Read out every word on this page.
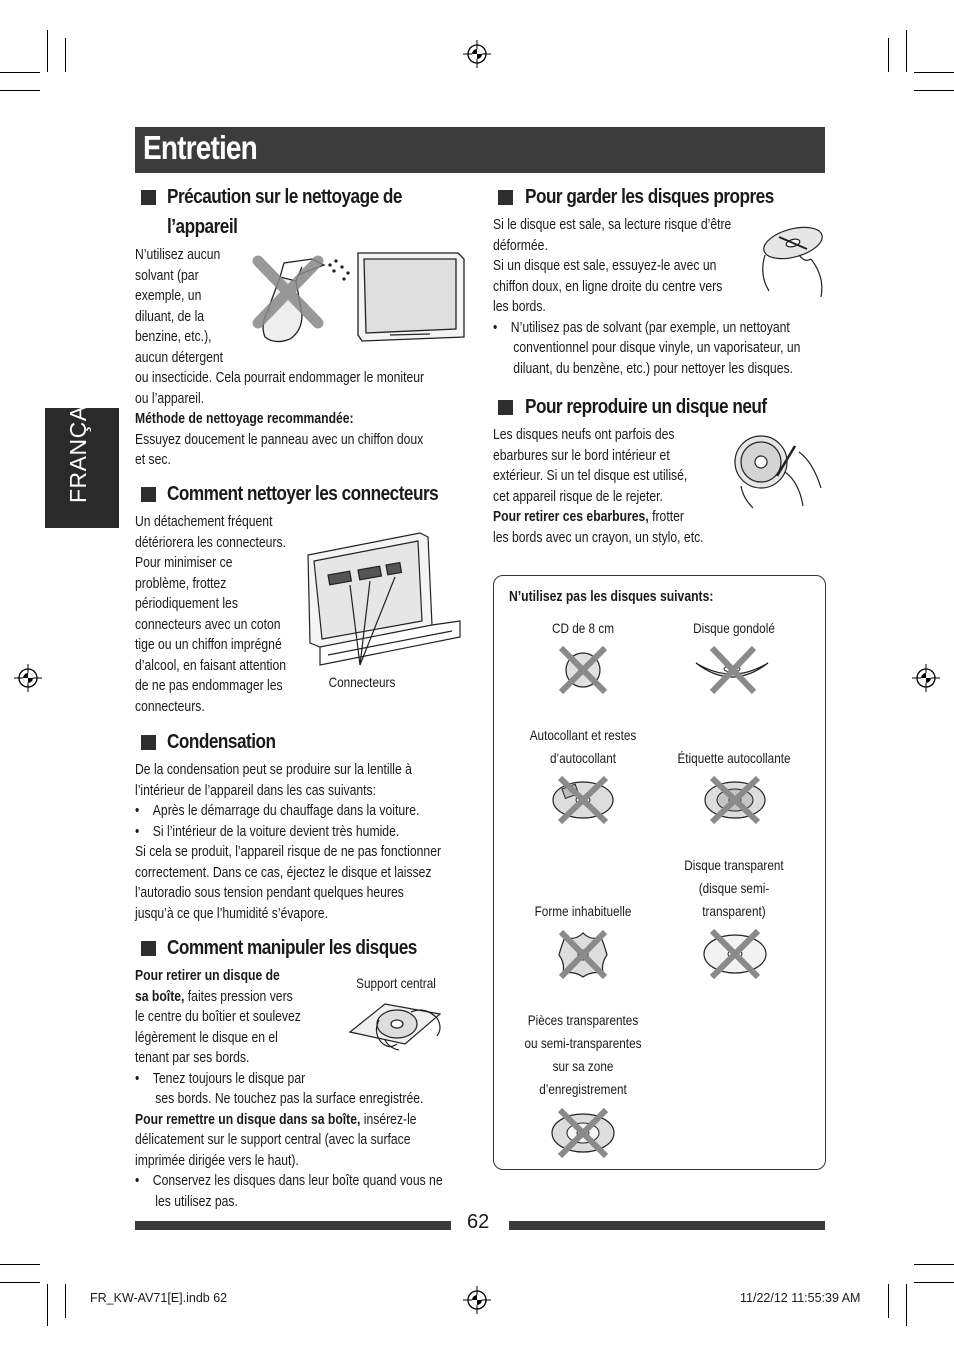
Entretien
FRANÇAIS
Précaution sur le nettoyage de
l’appareil
N’utilisez aucun
solvant (par
exemple, un
diluant, de la
benzine, etc.),
aucun détergent
ou insecticide. Cela pourrait endommager le moniteur
ou l’appareil.
Méthode de nettoyage recommandée:
Essuyez doucement le panneau avec un chiffon doux
et sec.
Comment nettoyer les connecteurs
Un détachement fréquent
détériorera les connecteurs.
Pour minimiser ce
problème, frottez
périodiquement les
connecteurs avec un coton
tige ou un chiffon imprégné
d’alcool, en faisant attention
de ne pas endommager les
connecteurs.
Connecteurs
Condensation
De la condensation peut se produire sur la lentille à
l’intérieur de l’appareil dans les cas suivants:
•    Après le démarrage du chauffage dans la voiture.
•    Si l’intérieur de la voiture devient très humide.
Si cela se produit, l’appareil risque de ne pas fonctionner
correctement. Dans ce cas, éjectez le disque et laissez
l’autoradio sous tension pendant quelques heures
jusqu’à ce que l’humidité s’évapore.
Comment manipuler les disques
Pour retirer un disque de
sa boîte, faites pression vers
le centre du boîtier et soulevez
légèrement le disque en el
tenant par ses bords.
•    Tenez toujours le disque par
ses bords. Ne touchez pas la surface enregistrée.
Pour remettre un disque dans sa boîte, insérez-le
délicatement sur le support central (avec la surface
imprimée dirigée vers le haut).
•    Conservez les disques dans leur boîte quand vous ne
les utilisez pas.
Support central
Pour garder les disques propres
Si le disque est sale, sa lecture risque d’être
déformée.
Si un disque est sale, essuyez-le avec un
chiffon doux, en ligne droite du centre vers
les bords.
•    N’utilisez pas de solvant (par exemple, un nettoyant
conventionnel pour disque vinyle, un vaporisateur, un
diluant, du benzène, etc.) pour nettoyer les disques.
Pour reproduire un disque neuf
Les disques neufs ont parfois des
ebarbures sur le bord intérieur et
extérieur. Si un tel disque est utilisé,
cet appareil risque de le rejeter.
Pour retirer ces ebarbures, frotter
les bords avec un crayon, un stylo, etc.
N’utilisez pas les disques suivants:
CD de 8 cm	Disque gondolé
Autocollant et restes
d’autocollant	Étiquette autocollante
Forme inhabituelle
Disque transparent
(disque semi-
transparent)
Pièces transparentes
ou semi-transparentes
sur sa zone
d’enregistrement
62
FR_KW-AV71[E].indb 62	11/22/12 11:55:39 AM
